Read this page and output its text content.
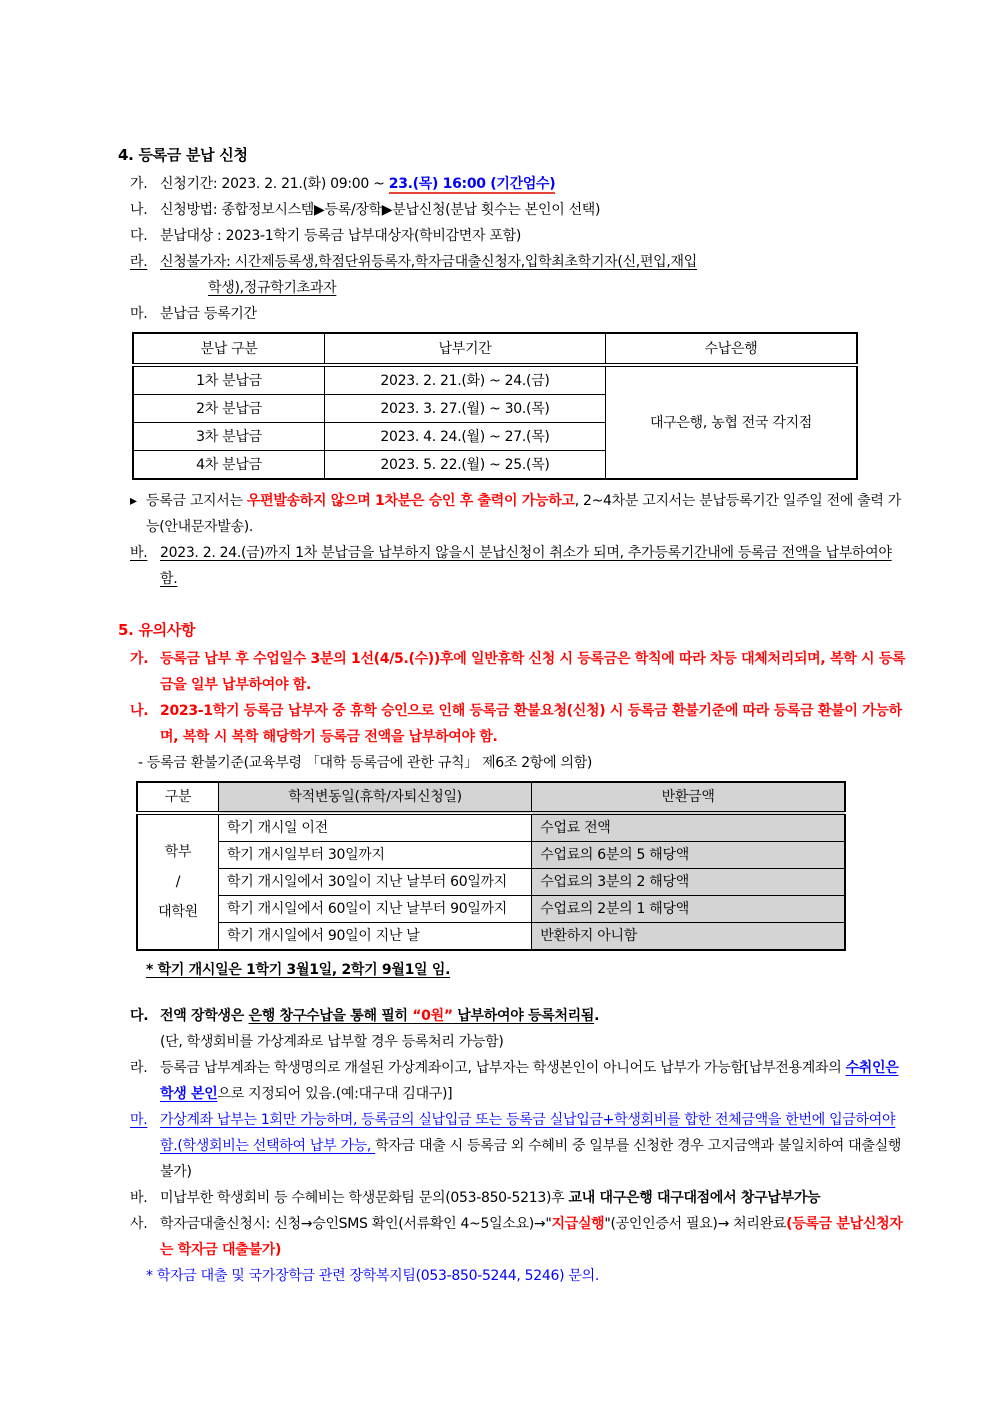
4. 등록금 분납 신청
가. 신청기간: 2023. 2. 21.(화) 09:00 ~ 23.(목) 16:00 (기간엄수)
나. 신청방법: 종합정보시스템▶등록/장학▶분납신청(분납 횟수는 본인이 선택)
다. 분납대상 : 2023-1학기 등록금 납부대상자(학비감면자 포함)
라. 신청불가자: 시간제등록생,학점단위등록자,학자금대출신청자,입학최초학기자(신,편입,재입
학생),정규학기초과자
마. 분납금 등록기간
분납 구분	납부기간	수납은행
1차 분납금	2023. 2. 21.(화) ~ 24.(금)	대구은행, 농협 전국 각지점
2차 분납금	2023. 3. 27.(월) ~ 30.(목)	
3차 분납금	2023. 4. 24.(월) ~ 27.(목)	
4차 분납금	2023. 5. 22.(월) ~ 25.(목)	
▸ 등록금 고지서는 우편발송하지 않으며 1차분은 승인 후 출력이 가능하고, 2~4차분 고지서는 분납등록기간 일주일 전에 출력 가능(안내문자발송).
바. 2023. 2. 24.(금)까지 1차 분납금을 납부하지 않을시 분납신청이 취소가 되며, 추가등록기간내에 등록금 전액을 납부하여야 함.
5. 유의사항
가. 등록금 납부 후 수업일수 3분의 1선(4/5.(수))후에 일반휴학 신청 시 등록금은 학칙에 따라 차등 대체처리되며, 복학 시 등록금을 일부 납부하여야 함.
나. 2023-1학기 등록금 납부자 중 휴학 승인으로 인해 등록금 환불요청(신청) 시 등록금 환불기준에 따라 등록금 환불이 가능하며, 복학 시 복학 해당학기 등록금 전액을 납부하여야 함.
- 등록금 환불기준(교육부령 「대학 등록금에 관한 규칙」 제6조 2항에 의함)
구분	학적변동일(휴학/자퇴신청일)	반환금액

학부
/
대학원	학기 개시일 이전	수업료 전액
	학기 개시일부터 30일까지	수업료의 6분의 5 해당액
	학기 개시일에서 30일이 지난 날부터 60일까지	수업료의 3분의 2 해당액
	학기 개시일에서 60일이 지난 날부터 90일까지	수업료의 2분의 1 해당액
	학기 개시일에서 90일이 지난 날	반환하지 아니함
* 학기 개시일은 1학기 3월1일, 2학기 9월1일 임.
다. 전액 장학생은 은행 창구수납을 통해 필히 “0원” 납부하여야 등록처리됨.
(단, 학생회비를 가상계좌로 납부할 경우 등록처리 가능함)
라. 등록금 납부계좌는 학생명의로 개설된 가상계좌이고, 납부자는 학생본인이 아니어도 납부가 가능함[납부전용계좌의 수취인은 학생 본인으로 지정되어 있음.(예:대구대 김대구)]
마. 가상계좌 납부는 1회만 가능하며, 등록금의 실납입금 또는 등록금 실납입금+학생회비를 합한 전체금액을 한번에 입금하여야 함.(학생회비는 선택하여 납부 가능, 학자금 대출 시 등록금 외 수혜비 중 일부를 신청한 경우 고지금액과 불일치하여 대출실행 불가)
바. 미납부한 학생회비 등 수혜비는 학생문화팀 문의(053-850-5213)후 교내 대구은행 대구대점에서 창구납부가능
사. 학자금대출신청시: 신청→승인SMS 확인(서류확인 4~5일소요)→"지급실행"(공인인증서 필요)→ 처리완료(등록금 분납신청자는 학자금 대출불가)
* 학자금 대출 및 국가장학금 관련 장학복지팀(053-850-5244, 5246) 문의.
